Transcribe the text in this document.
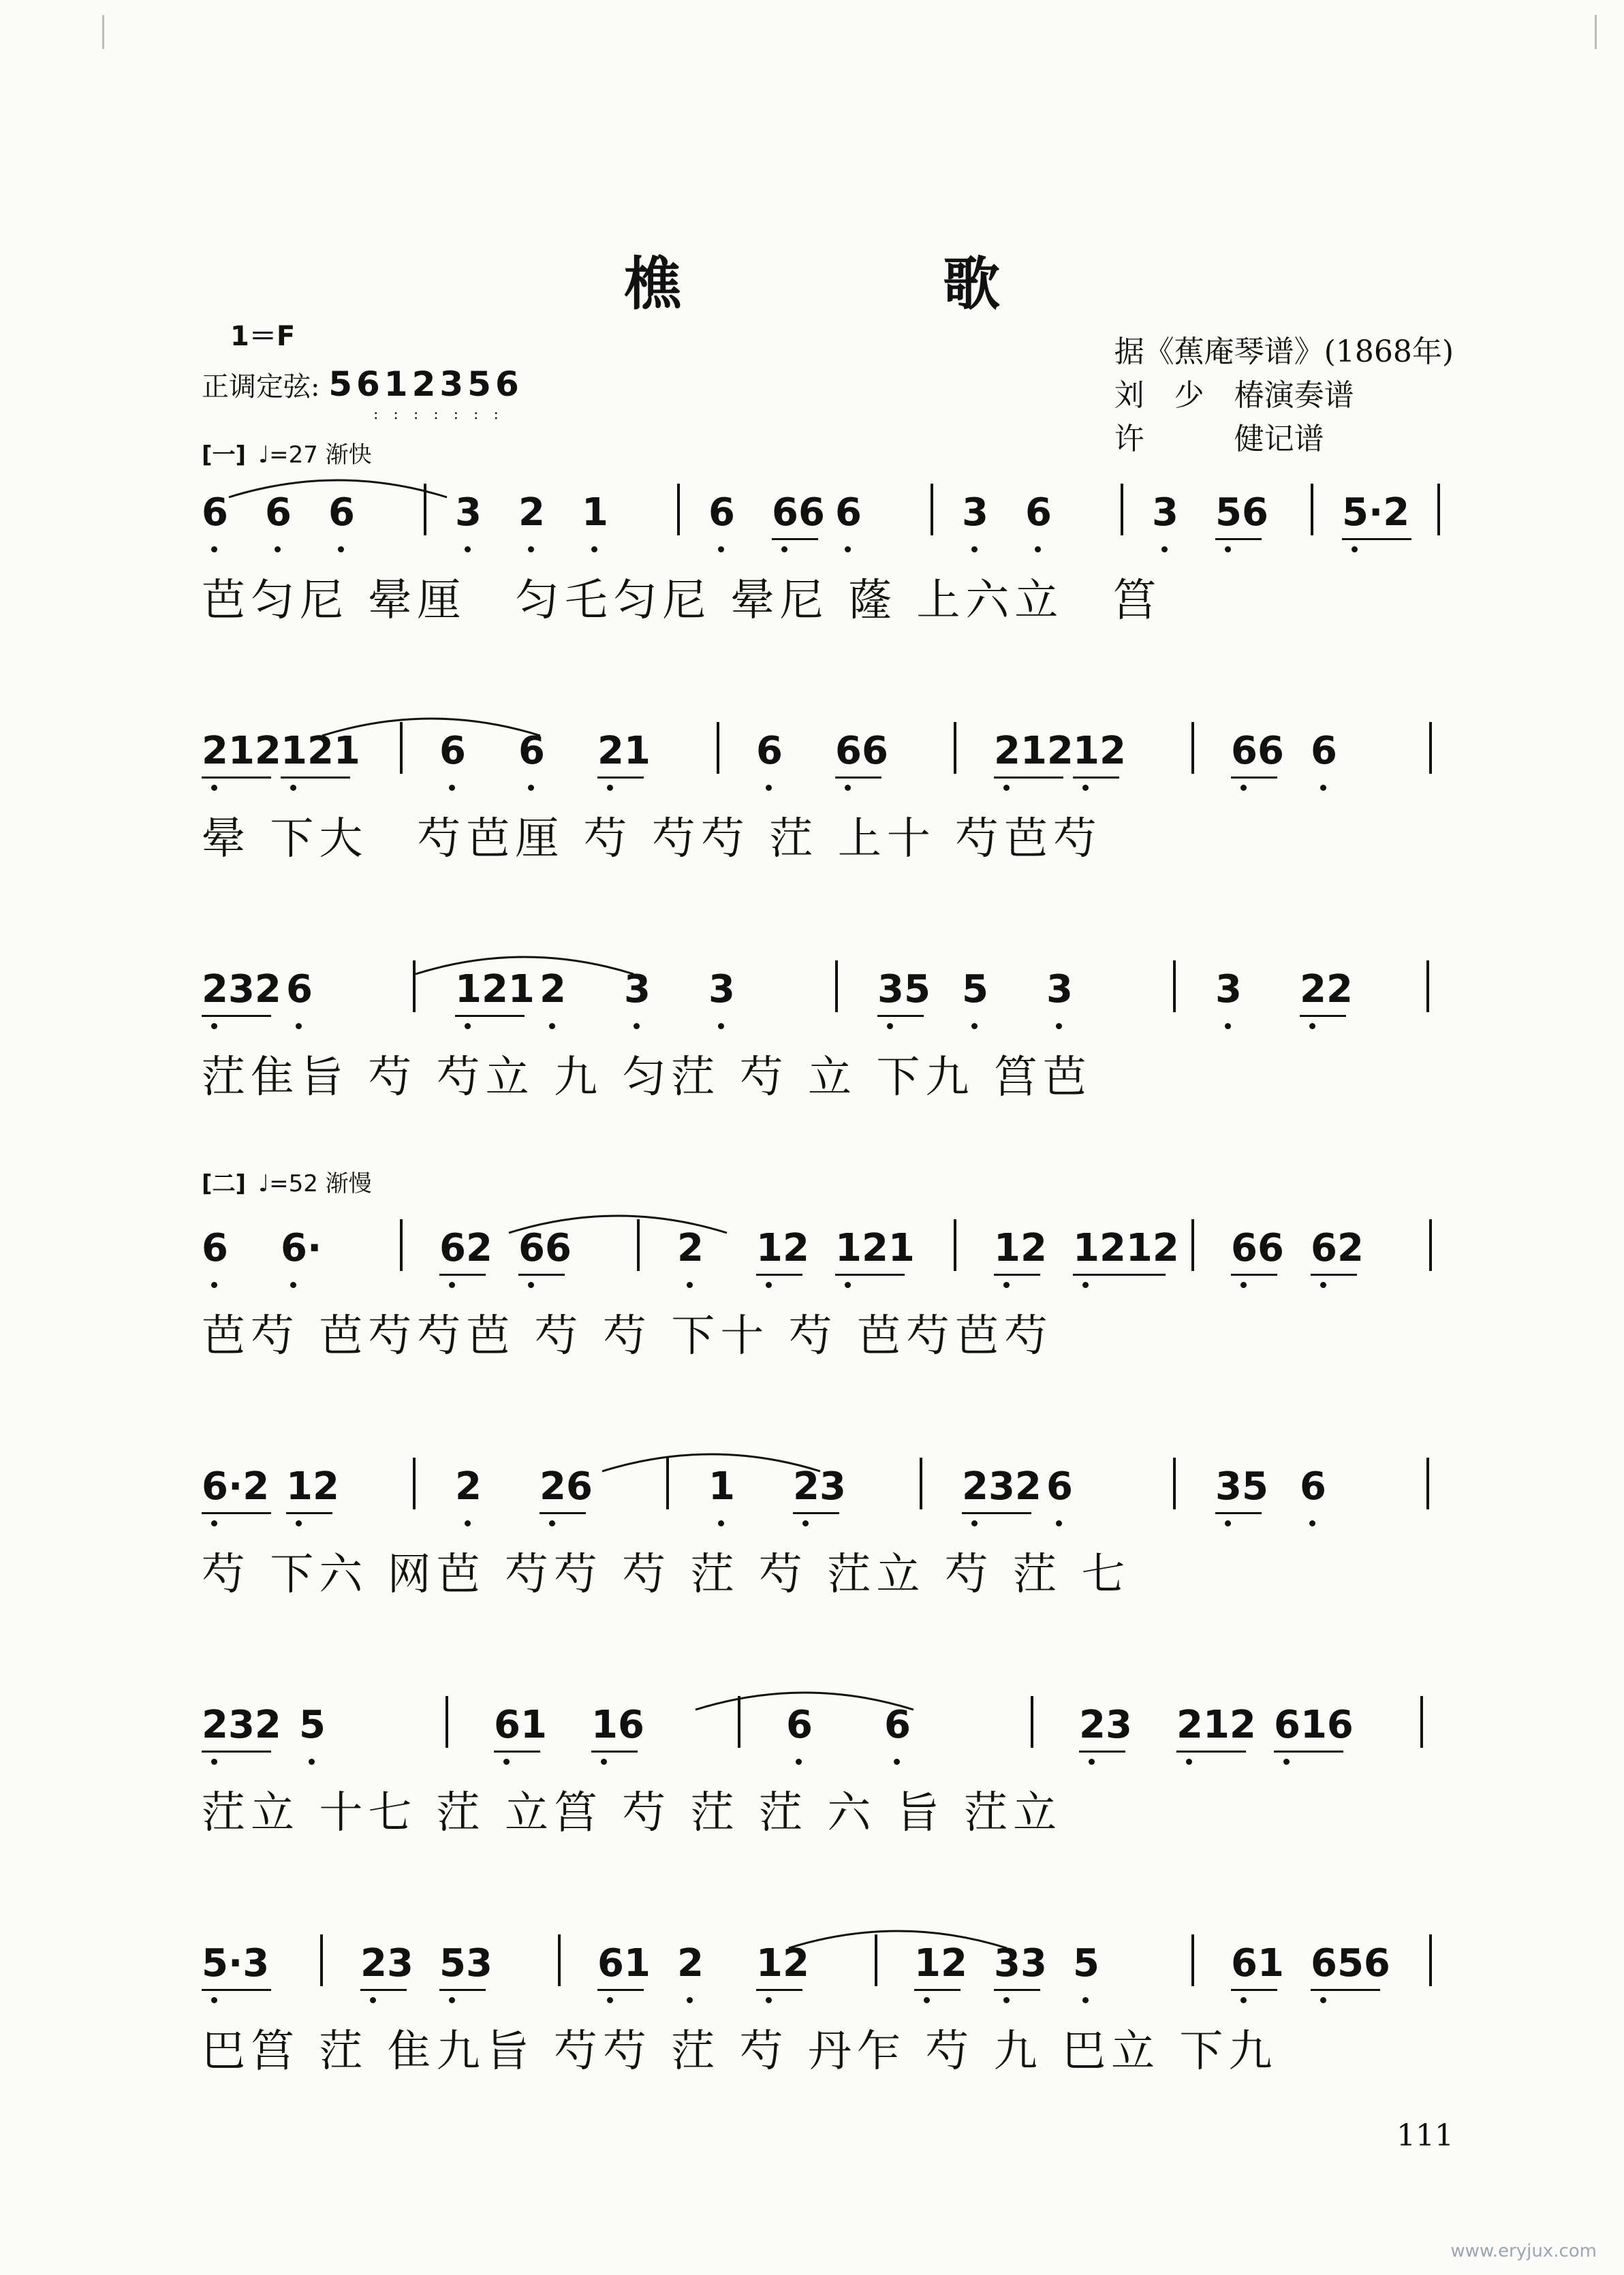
樵　歌
1＝F
正调定弦: 5612356
:::::::
据《蕉庵琴谱》(1868年)
刘　少　椿演奏谱
许　　　健记谱
[一] ♩=27 渐快
[二] ♩=52 渐慢
6 6 6	3 2 1	6 66 6	3 6	3 56 5·2
芭匀尼 晕厘　匀乇匀尼 晕尼 蕯 上六立　筥
212 121 6 6 21	6 66	212 12	66 6
晕 下大　芍芭厘 芍 芍芍 茳 上十 芍芭芍
232 6	121 2 3 3	35 5 3	3 22
茳隹旨 芍 芍立 九 匀茳 芍 立 下九 筥芭
6 6·	62 66	2 12 121 12 1212 66 62
芭芍 芭芍芍芭 芍 芍 下十 芍 芭芍芭芍
6·2 12	2 26	1 23	232 6	35 6
芍 下六 网芭 芍芍 芍 茳 芍 茳立 芍 茳 七
232 5	61 16	6 6	23 212 616
茳立 十七 茳 立筥 芍 茳 茳 六 旨 茳立
5·3 23 53	61 2 12	12 33 5	61 656
巴筥 茳 隹九旨 芍芍 茳 芍 丹乍 芍 九 巴立 下九
111
www.eryjux.com
